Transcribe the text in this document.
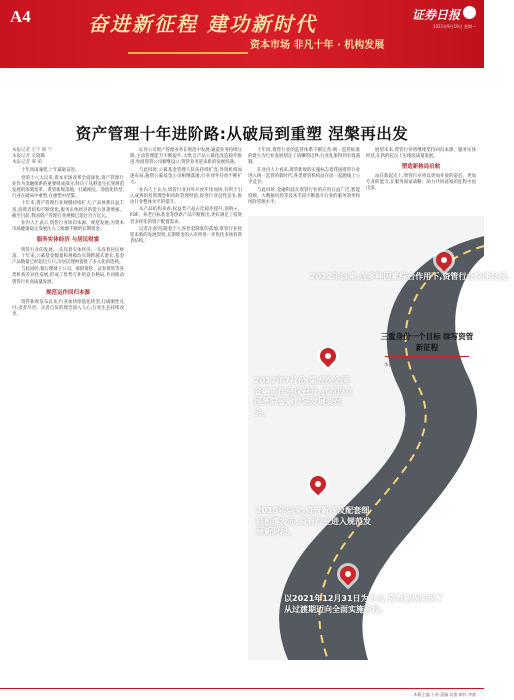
A4	奋进新征程 建功新时代
资本市场 非凡十年 · 机构发展
证券日报
2022年9月19日 星期一
资产管理十年进阶路:从破局到重塑 涅槃再出发
本报记者 王宁 韩 宁
本报记者 吴晓璐
本报记者 邢 萌

十年风雨兼程,十年砥砺奋进。

党的十八大以来,资本市场改革全面深化,资产管理行业作为金融体系的重要组成部分,经历了从野蛮生长到规范发展的深刻变革。资管新规落地、打破刚兑、净值化转型,行业在破局中重塑,在重塑中涅槃。

十年来,资产管理行业规模持续扩大,产品体系日益丰富,投资者结构不断优化,服务实体经济的能力显著增强。截至目前,我国资产管理行业规模已超过百万亿元。

业内人士表示,资管行业回归本源、规范发展,为资本市场健康稳定发展注入了源源不断的长期资金。

服务实体经济 与居民财富

资管行业的发展,一头连着实体经济,一头连着居民财富。十年来,公募基金数量和规模均实现跨越式增长,基金产品数量已经超过万只,为居民理财提供了多元化的选择。

与此同时,银行理财子公司、保险资管、证券资管等各类机构差异化发展,形成了优势互补的竞争格局,共同推动资管行业高质量发展。

规范运作回归本源

资管新规发布以来,行业加快净值化转型,打破刚性兑付,卖者尽责、买者自负的理念深入人心,行业生态持续改善。

证券公司资产管理业务在规范中发展,通道业务持续压降,主动管理能力不断提升,大集合产品公募化改造稳步推进,券商资管公司相继设立,资管业务迎来新的发展机遇。

与此同时,公募基金管理人队伍持续扩容,外资机构加速布局,独资公募基金公司相继落地,行业对外开放不断扩大。

业内人士认为,资管行业对外开放步伐加快,有利于引入成熟的投资理念和风险管理经验,促进行业良性竞争,推动行业整体水平的提升。

从产品结构来看,权益类产品占比稳步提升,固收+、FOF、养老目标基金等创新产品不断推出,更好满足了投资者多样化的资产配置需求。

记者注意到,随着个人养老金制度的落地,资管行业将迎来新的发展契机,长期资金的入市将进一步优化市场投资者结构。

十年间,资管行业的监管体系不断完善,统一监管标准的建立为行业发展划定了清晰的边界,行业乱象得到有效遏制。

在业内人士看来,资管新规的实施标志着我国资管行业进入统一监管的新时代,各类资管机构站在同一起跑线上公平竞争。

与此同时,金融科技在资管行业的应用日益广泛,智能投顾、大数据风控等技术手段不断提升行业的服务效率和风险管理水平。

展望未来,资管行业将继续坚持回归本源、服务实体经济,在新的起点上实现高质量发展。

塑造新格局启航

站在新起点上,资管行业将以更加开放的姿态、更加专业的能力,在服务国家战略、助力共同富裕的征程中再出发。

2012年以来,在多种因素综合作用下,资管行业快速发展。
2017年7月份,第五次全国金融工作会议召开,宣布设立国务院金融稳定发展委员会。
2018年以来,资管新规及配套细则相继发布,资管行业进入规范发展新阶段。
以2021年12月31日为节点,资管新规实现了从过渡期迈向全面实施阶段。
三重身份一个目标 续写资管新征程
本报记者 韩 宁
本版主编 于南 责编 吴澍 制作 李波
